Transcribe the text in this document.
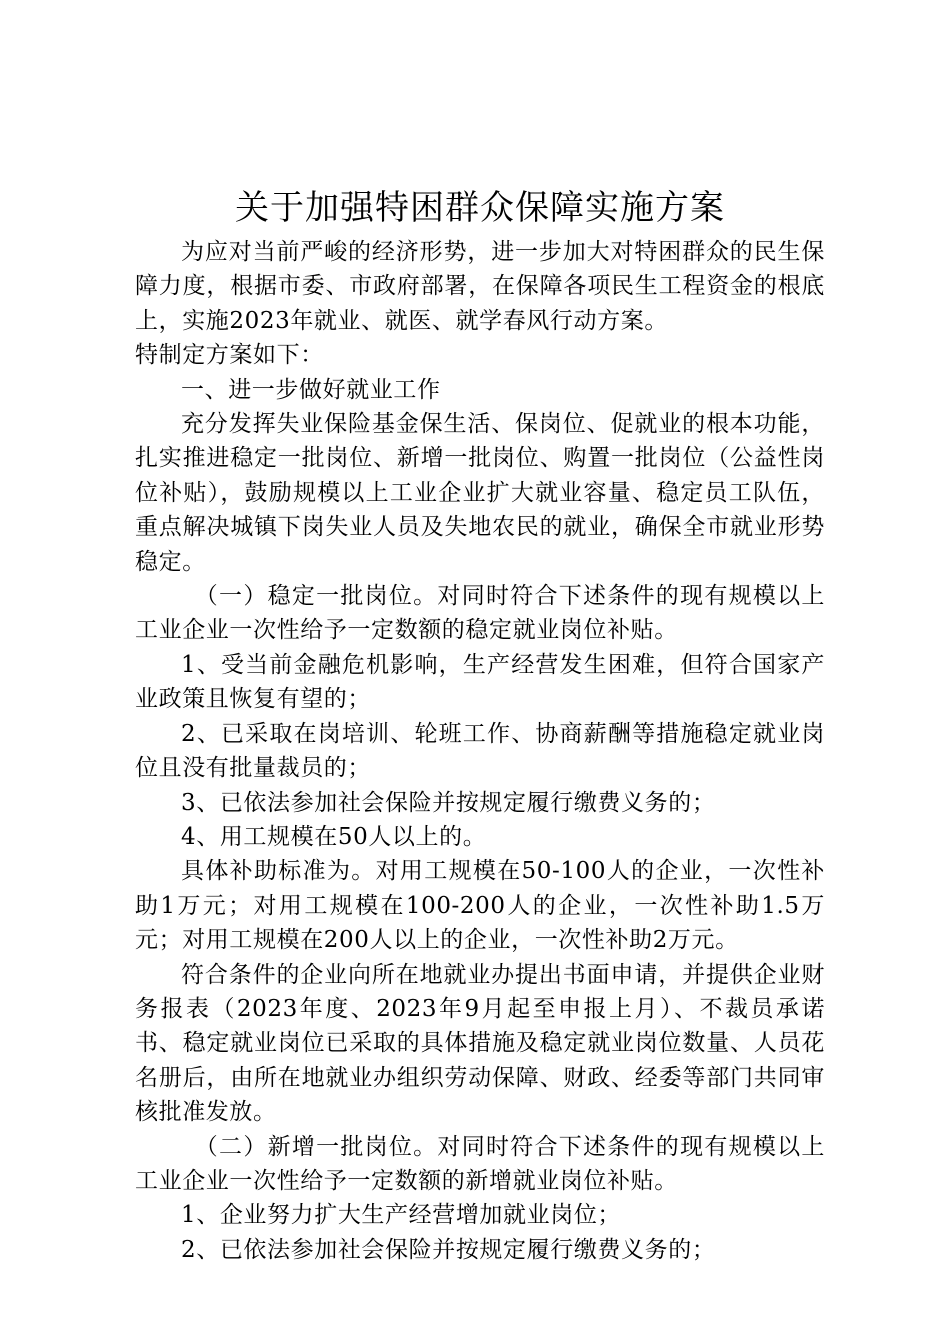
关于加强特困群众保障实施方案

为应对当前严峻的经济形势，进一步加大对特困群众的民生保障力度，根据市委、市政府部署，在保障各项民生工程资金的根底上，实施2023年就业、就医、就学春风行动方案。

特制定方案如下：

一、进一步做好就业工作

充分发挥失业保险基金保生活、保岗位、促就业的根本功能，扎实推进稳定一批岗位、新增一批岗位、购置一批岗位（公益性岗位补贴），鼓励规模以上工业企业扩大就业容量、稳定员工队伍，重点解决城镇下岗失业人员及失地农民的就业，确保全市就业形势稳定。

（一）稳定一批岗位。对同时符合下述条件的现有规模以上工业企业一次性给予一定数额的稳定就业岗位补贴。

1、受当前金融危机影响，生产经营发生困难，但符合国家产业政策且恢复有望的；

2、已采取在岗培训、轮班工作、协商薪酬等措施稳定就业岗位且没有批量裁员的；

3、已依法参加社会保险并按规定履行缴费义务的；

4、用工规模在50人以上的。

具体补助标准为。对用工规模在50-100人的企业，一次性补助1万元；对用工规模在100-200人的企业，一次性补助1.5万元；对用工规模在200人以上的企业，一次性补助2万元。

符合条件的企业向所在地就业办提出书面申请，并提供企业财务报表（2023年度、2023年9月起至申报上月）、不裁员承诺书、稳定就业岗位已采取的具体措施及稳定就业岗位数量、人员花名册后，由所在地就业办组织劳动保障、财政、经委等部门共同审核批准发放。

（二）新增一批岗位。对同时符合下述条件的现有规模以上工业企业一次性给予一定数额的新增就业岗位补贴。

1、企业努力扩大生产经营增加就业岗位；

2、已依法参加社会保险并按规定履行缴费义务的；
